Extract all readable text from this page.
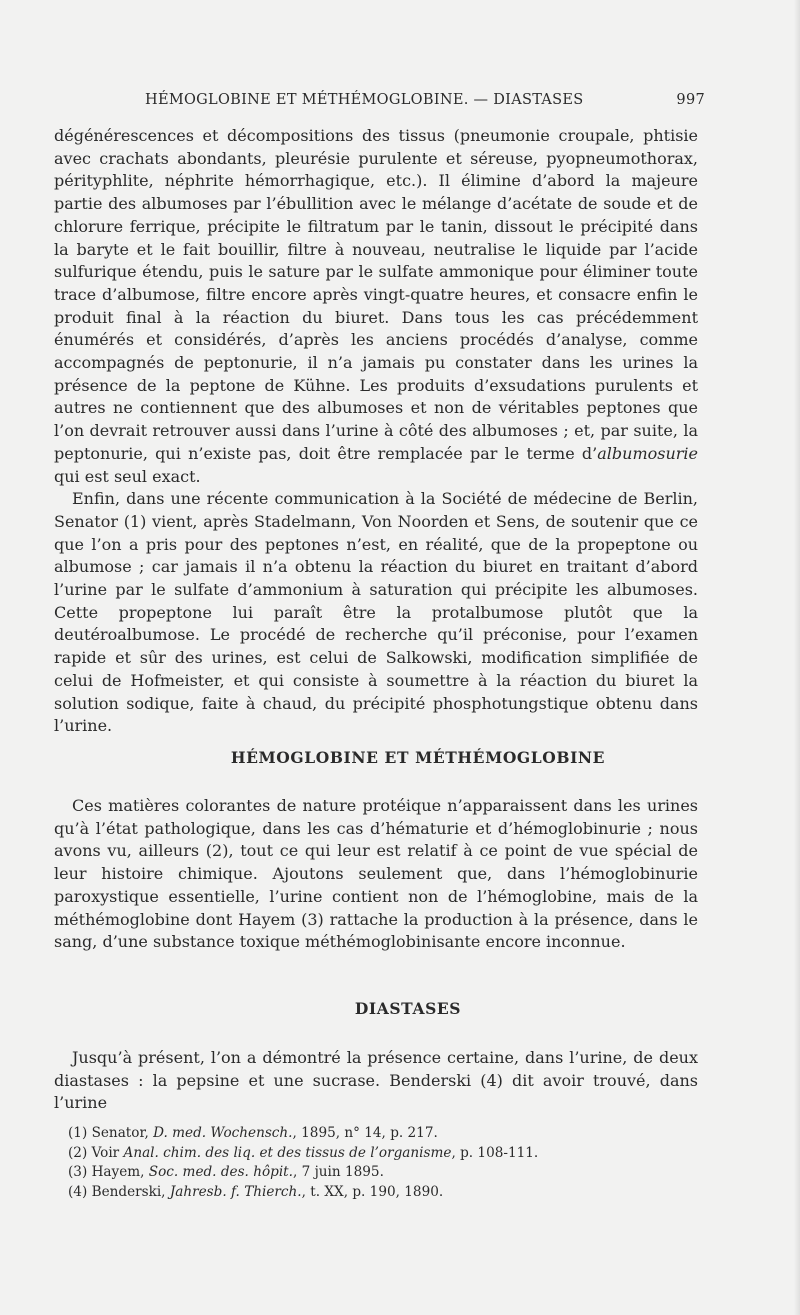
HÉMOGLOBINE ET MÉTHÉMOGLOBINE. — DIASTASES	997

dégénérescences et décompositions des tissus (pneumonie croupale, phtisie avec crachats abondants, pleurésie purulente et séreuse, pyopneumothorax, pérityphlite, néphrite hémorrhagique, etc.). Il élimine d’abord la majeure partie des albumoses par l’ébullition avec le mélange d’acétate de soude et de chlorure ferrique, précipite le filtratum par le tanin, dissout le précipité dans la baryte et le fait bouillir, filtre à nouveau, neutralise le liquide par l’acide sulfurique étendu, puis le sature par le sulfate ammonique pour éliminer toute trace d’albumose, filtre encore après vingt-quatre heures, et consacre enfin le produit final à la réaction du biuret. Dans tous les cas précédemment énumérés et considérés, d’après les anciens procédés d’analyse, comme accompagnés de peptonurie, il n’a jamais pu constater dans les urines la présence de la peptone de Kühne. Les produits d’exsudations purulents et autres ne contiennent que des albumoses et non de véritables peptones que l’on devrait retrouver aussi dans l’urine à côté des albumoses ; et, par suite, la peptonurie, qui n’existe pas, doit être remplacée par le terme d’albumosurie qui est seul exact.

Enfin, dans une récente communication à la Société de médecine de Berlin, Senator (1) vient, après Stadelmann, Von Noorden et Sens, de soutenir que ce que l’on a pris pour des peptones n’est, en réalité, que de la propeptone ou albumose ; car jamais il n’a obtenu la réaction du biuret en traitant d’abord l’urine par le sulfate d’ammonium à saturation qui précipite les albumoses. Cette propeptone lui paraît être la protalbumose plutôt que la deutéroalbumose. Le procédé de recherche qu’il préconise, pour l’examen rapide et sûr des urines, est celui de Salkowski, modification simplifiée de celui de Hofmeister, et qui consiste à soumettre à la réaction du biuret la solution sodique, faite à chaud, du précipité phosphotungstique obtenu dans l’urine.

HÉMOGLOBINE ET MÉTHÉMOGLOBINE

Ces matières colorantes de nature protéique n’apparaissent dans les urines qu’à l’état pathologique, dans les cas d’hématurie et d’hémoglobinurie ; nous avons vu, ailleurs (2), tout ce qui leur est relatif à ce point de vue spécial de leur histoire chimique. Ajoutons seulement que, dans l’hémoglobinurie paroxystique essentielle, l’urine contient non de l’hémoglobine, mais de la méthémoglobine dont Hayem (3) rattache la production à la présence, dans le sang, d’une substance toxique méthémoglobinisante encore inconnue.

DIASTASES

Jusqu’à présent, l’on a démontré la présence certaine, dans l’urine, de deux diastases : la pepsine et une sucrase. Benderski (4) dit avoir trouvé, dans l’urine

(1) Senator, D. med. Wochensch., 1895, n° 14, p. 217.
(2) Voir Anal. chim. des liq. et des tissus de l’organisme, p. 108-111.
(3) Hayem, Soc. med. des. hôpit., 7 juin 1895.
(4) Benderski, Jahresb. f. Thierch., t. XX, p. 190, 1890.
